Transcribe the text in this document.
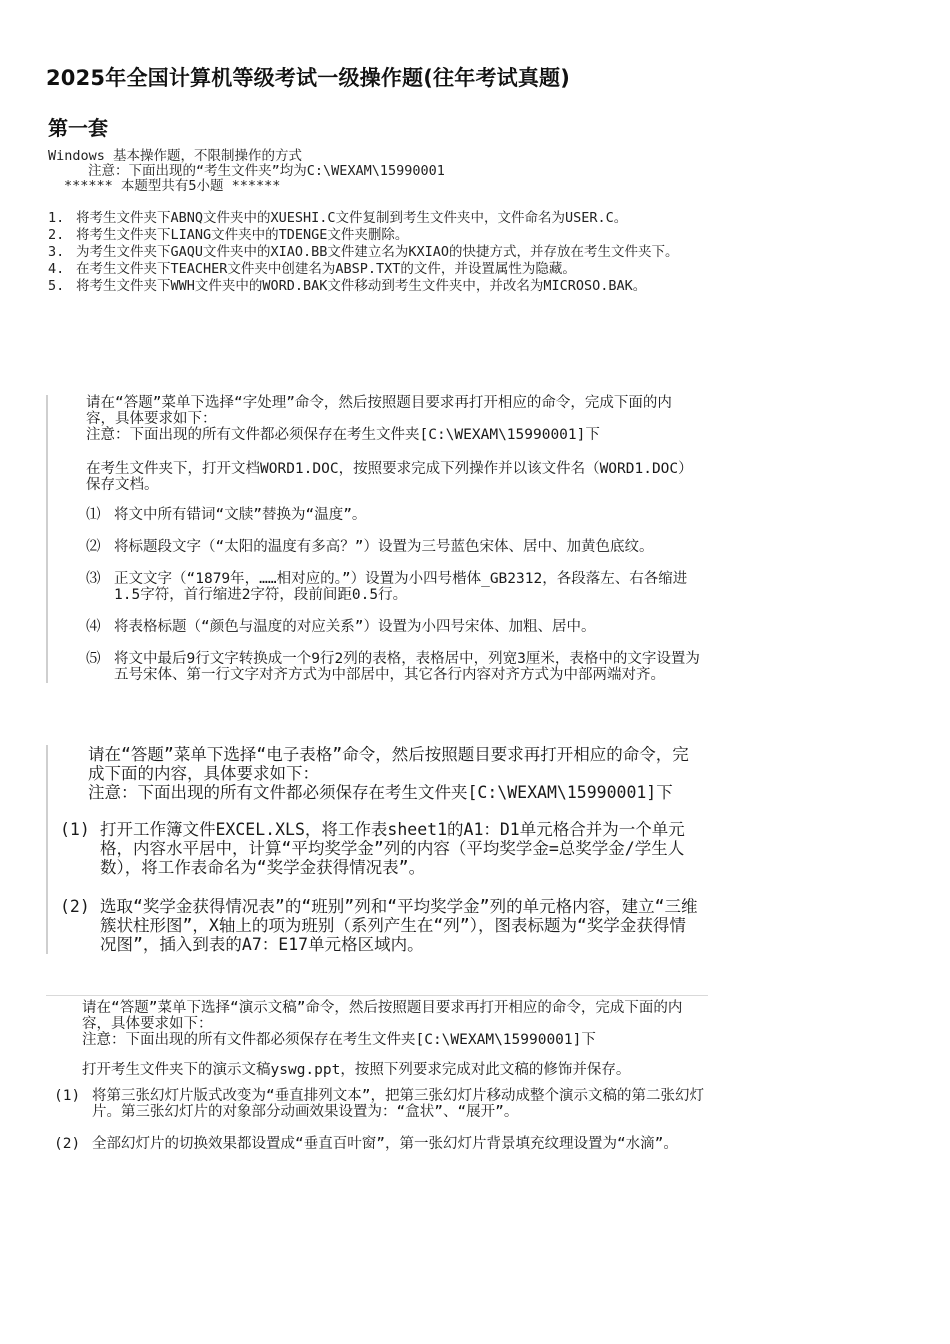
2025年全国计算机等级考试一级操作题(往年考试真题)
第一套
Windows 基本操作题，不限制操作的方式
注意：下面出现的“考生文件夹”均为C:\WEXAM\15990001
****** 本题型共有5小题 ******
1. 将考生文件夹下ABNQ文件夹中的XUESHI.C文件复制到考生文件夹中，文件命名为USER.C。
2. 将考生文件夹下LIANG文件夹中的TDENGE文件夹删除。
3. 为考生文件夹下GAQU文件夹中的XIAO.BB文件建立名为KXIAO的快捷方式，并存放在考生文件夹下。
4. 在考生文件夹下TEACHER文件夹中创建名为ABSP.TXT的文件，并设置属性为隐藏。
5. 将考生文件夹下WWH文件夹中的WORD.BAK文件移动到考生文件夹中，并改名为MICROSO.BAK。

请在“答题”菜单下选择“字处理”命令，然后按照题目要求再打开相应的命令，完成下面的内容，具体要求如下：

注意：下面出现的所有文件都必须保存在考生文件夹[C:\WEXAM\15990001]下

在考生文件夹下，打开文档WORD1.DOC，按照要求完成下列操作并以该文件名（WORD1.DOC）保存文档。

⑴ 将文中所有错词“文牍”替换为“温度”。
⑵ 将标题段文字（“太阳的温度有多高？”）设置为三号蓝色宋体、居中、加黄色底纹。
⑶ 正文文字（“1879年，……相对应的。”）设置为小四号楷体_GB2312，各段落左、右各缩进1.5字符，首行缩进2字符，段前间距0.5行。
⑷ 将表格标题（“颜色与温度的对应关系”）设置为小四号宋体、加粗、居中。
⑸ 将文中最后9行文字转换成一个9行2列的表格，表格居中，列宽3厘米，表格中的文字设置为五号宋体、第一行文字对齐方式为中部居中，其它各行内容对齐方式为中部两端对齐。

请在“答题”菜单下选择“电子表格”命令，然后按照题目要求再打开相应的命令，完成下面的内容，具体要求如下：

注意：下面出现的所有文件都必须保存在考生文件夹[C:\WEXAM\15990001]下

(1) 打开工作簿文件EXCEL.XLS，将工作表sheet1的A1：D1单元格合并为一个单元格，内容水平居中，计算“平均奖学金”列的内容（平均奖学金=总奖学金/学生人数），将工作表命名为“奖学金获得情况表”。
(2) 选取“奖学金获得情况表”的“班别”列和“平均奖学金”列的单元格内容，建立“三维簇状柱形图”，X轴上的项为班别（系列产生在“列”），图表标题为“奖学金获得情况图”，插入到表的A7：E17单元格区域内。

请在“答题”菜单下选择“演示文稿”命令，然后按照题目要求再打开相应的命令，完成下面的内容，具体要求如下：

注意：下面出现的所有文件都必须保存在考生文件夹[C:\WEXAM\15990001]下

打开考生文件夹下的演示文稿yswg.ppt，按照下列要求完成对此文稿的修饰并保存。

(1) 将第三张幻灯片版式改变为“垂直排列文本”，把第三张幻灯片移动成整个演示文稿的第二张幻灯片。第三张幻灯片的对象部分动画效果设置为：“盒状”、“展开”。
(2) 全部幻灯片的切换效果都设置成“垂直百叶窗”，第一张幻灯片背景填充纹理设置为“水滴”。
